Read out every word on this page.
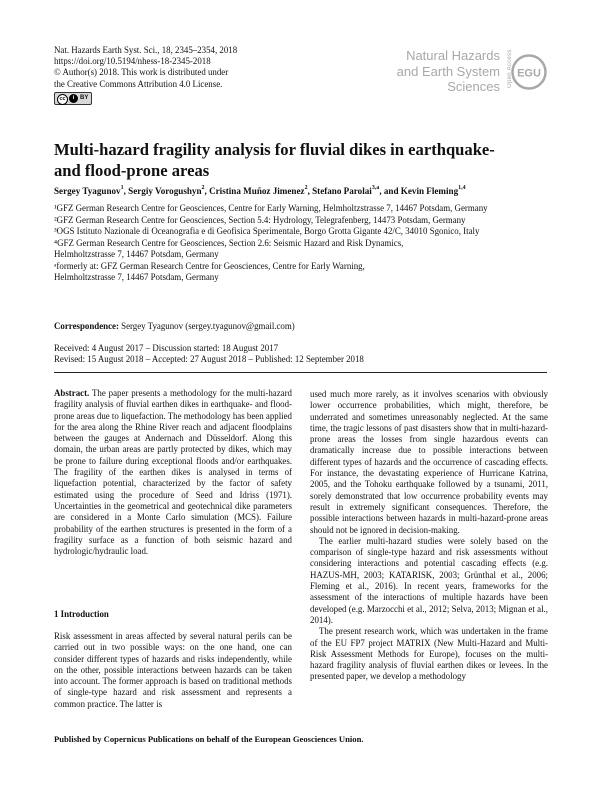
Nat. Hazards Earth Syst. Sci., 18, 2345–2354, 2018
https://doi.org/10.5194/nhess-18-2345-2018
© Author(s) 2018. This work is distributed under
the Creative Commons Attribution 4.0 License.
cc	i BY
Natural Hazards
and Earth System
Sciences Open Access EGU
Multi-hazard fragility analysis for fluvial dikes in earthquake- and flood-prone areas
Sergey Tyagunov$^1$, Sergiy Vorogushyn$^2$, Cristina Muñoz Jimenez$^2$, Stefano Parolai$^{3,a}$, and Kevin Fleming$^{1,4}$
¹GFZ German Research Centre for Geosciences, Centre for Early Warning, Helmholtzstrasse 7, 14467 Potsdam, Germany
²GFZ German Research Centre for Geosciences, Section 5.4: Hydrology, Telegrafenberg, 14473 Potsdam, Germany
³OGS Istituto Nazionale di Oceanografia e di Geofisica Sperimentale, Borgo Grotta Gigante 42/C, 34010 Sgonico, Italy
⁴GFZ German Research Centre for Geosciences, Section 2.6: Seismic Hazard and Risk Dynamics,
Helmholtzstrasse 7, 14467 Potsdam, Germany
ᵃformerly at: GFZ German Research Centre for Geosciences, Centre for Early Warning,
Helmholtzstrasse 7, 14467 Potsdam, Germany
Correspondence: Sergey Tyagunov (sergey.tyagunov@gmail.com)
Received: 4 August 2017 – Discussion started: 18 August 2017
Revised: 15 August 2018 – Accepted: 27 August 2018 – Published: 12 September 2018

Abstract. The paper presents a methodology for the multi-hazard fragility analysis of fluvial earthen dikes in earthquake- and flood-prone areas due to liquefaction. The methodology has been applied for the area along the Rhine River reach and adjacent floodplains between the gauges at Andernach and Düsseldorf. Along this domain, the urban areas are partly protected by dikes, which may be prone to failure during exceptional floods and/or earthquakes. The fragility of the earthen dikes is analysed in terms of liquefaction potential, characterized by the factor of safety estimated using the procedure of Seed and Idriss (1971). Uncertainties in the geometrical and geotechnical dike parameters are considered in a Monte Carlo simulation (MCS). Failure probability of the earthen structures is presented in the form of a fragility surface as a function of both seismic hazard and hydrologic/hydraulic load.

1 Introduction
Risk assessment in areas affected by several natural perils can be carried out in two possible ways: on the one hand, one can consider different types of hazards and risks independently, while on the other, possible interactions between hazards can be taken into account. The former approach is based on traditional methods of single-type hazard and risk assessment and represents a common practice. The latter is

used much more rarely, as it involves scenarios with obviously lower occurrence probabilities, which might, therefore, be underrated and sometimes unreasonably neglected. At the same time, the tragic lessons of past disasters show that in multi-hazard-prone areas the losses from single hazardous events can dramatically increase due to possible interactions between different types of hazards and the occurrence of cascading effects. For instance, the devastating experience of Hurricane Katrina, 2005, and the Tohoku earthquake followed by a tsunami, 2011, sorely demonstrated that low occurrence probability events may result in extremely significant consequences. Therefore, the possible interactions between hazards in multi-hazard-prone areas should not be ignored in decision-making.

The earlier multi-hazard studies were solely based on the comparison of single-type hazard and risk assessments without considering interactions and potential cascading effects (e.g. HAZUS-MH, 2003; KATARISK, 2003; Grünthal et al., 2006; Fleming et al., 2016). In recent years, frameworks for the assessment of the interactions of multiple hazards have been developed (e.g. Marzocchi et al., 2012; Selva, 2013; Mignan et al., 2014).

The present research work, which was undertaken in the frame of the EU FP7 project MATRIX (New Multi-Hazard and Multi-Risk Assessment Methods for Europe), focuses on the multi-hazard fragility analysis of fluvial earthen dikes or levees. In the presented paper, we develop a methodology

Published by Copernicus Publications on behalf of the European Geosciences Union.
